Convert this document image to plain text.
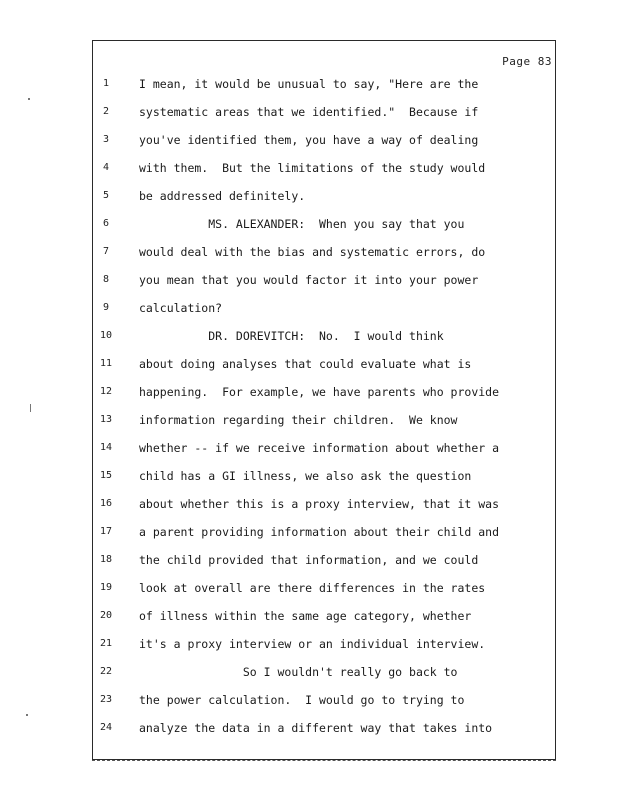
Page 83
1	I mean, it would be unusual to say, "Here are the
2	systematic areas that we identified."  Because if
3	you've identified them, you have a way of dealing
4	with them.  But the limitations of the study would
5	be addressed definitely.
6	MS. ALEXANDER:  When you say that you
7	would deal with the bias and systematic errors, do
8	you mean that you would factor it into your power
9	calculation?
10	DR. DOREVITCH:  No.  I would think
11	about doing analyses that could evaluate what is
12	happening.  For example, we have parents who provide
13	information regarding their children.  We know
14	whether -- if we receive information about whether a
15	child has a GI illness, we also ask the question
16	about whether this is a proxy interview, that it was
17	a parent providing information about their child and
18	the child provided that information, and we could
19	look at overall are there differences in the rates
20	of illness within the same age category, whether
21	it's a proxy interview or an individual interview.
22	So I wouldn't really go back to
23	the power calculation.  I would go to trying to
24	analyze the data in a different way that takes into
